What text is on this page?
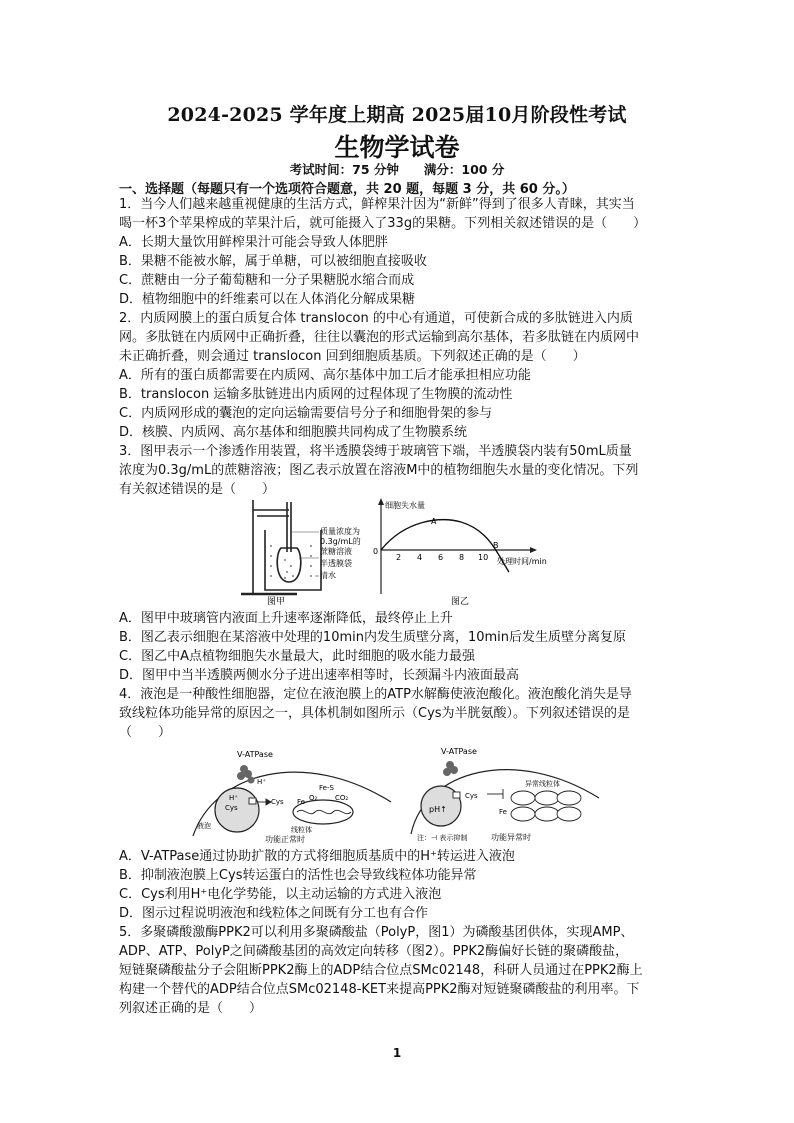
2024-2025 学年度上期高 2025届10月阶段性考试
生物学试卷
考试时间：75 分钟　　满分：100 分
一、选择题（每题只有一个选项符合题意，共 20 题，每题 3 分，共 60 分。）
1．当今人们越来越重视健康的生活方式，鲜榨果汁因为“新鲜”得到了很多人青睐，其实当
喝一杯3个苹果榨成的苹果汁后，就可能摄入了33g的果糖。下列相关叙述错误的是（　　）
A．长期大量饮用鲜榨果汁可能会导致人体肥胖
B．果糖不能被水解，属于单糖，可以被细胞直接吸收
C．蔗糖由一分子葡萄糖和一分子果糖脱水缩合而成
D．植物细胞中的纤维素可以在人体消化分解成果糖
2．内质网膜上的蛋白质复合体 translocon 的中心有通道，可使新合成的多肽链进入内质
网。多肽链在内质网中正确折叠，往往以囊泡的形式运输到高尔基体，若多肽链在内质网中
未正确折叠，则会通过 translocon 回到细胞质基质。下列叙述正确的是（　　）
A．所有的蛋白质都需要在内质网、高尔基体中加工后才能承担相应功能
B．translocon 运输多肽链进出内质网的过程体现了生物膜的流动性
C．内质网形成的囊泡的定向运输需要信号分子和细胞骨架的参与
D．核膜、内质网、高尔基体和细胞膜共同构成了生物膜系统
3．图甲表示一个渗透作用装置，将半透膜袋缚于玻璃管下端，半透膜袋内装有50mL质量
浓度为0.3g/mL的蔗糖溶液；图乙表示放置在溶液M中的植物细胞失水量的变化情况。下列
有关叙述错误的是（　　）
质量浓度为
0.3g/mL的
蔗糖溶液
半透膜袋
清水
图甲
细胞失水量
处理时间/min
A
B
0
2 4 6 8 10
图乙
A．图甲中玻璃管内液面上升速率逐渐降低，最终停止上升
B．图乙表示细胞在某溶液中处理的10min内发生质壁分离，10min后发生质壁分离复原
C．图乙中A点植物细胞失水量最大，此时细胞的吸水能力最强
D．图甲中当半透膜两侧水分子进出速率相等时，长颈漏斗内液面最高
4．液泡是一种酸性细胞器，定位在液泡膜上的ATP水解酶使液泡酸化。液泡酸化消失是导
致线粒体功能异常的原因之一，具体机制如图所示（Cys为半胱氨酸）。下列叙述错误的是
（　　）
V-ATPase
H⁺
H⁺
Cys
Cys Fe
Fe-S
O₂	CO₂
线粒体
液泡
功能正常时
V-ATPase
pH↑
Cys
Fe
异常线粒体
注：⊣ 表示抑制	功能异常时
A．V-ATPase通过协助扩散的方式将细胞质基质中的H⁺转运进入液泡
B．抑制液泡膜上Cys转运蛋白的活性也会导致线粒体功能异常
C．Cys利用H⁺电化学势能，以主动运输的方式进入液泡
D．图示过程说明液泡和线粒体之间既有分工也有合作
5．多聚磷酸激酶PPK2可以利用多聚磷酸盐（PolyP，图1）为磷酸基团供体，实现AMP、
ADP、ATP、PolyP之间磷酸基团的高效定向转移（图2）。PPK2酶偏好长链的聚磷酸盐，
短链聚磷酸盐分子会阻断PPK2酶上的ADP结合位点SMc02148，科研人员通过在PPK2酶上
构建一个替代的ADP结合位点SMc02148-KET来提高PPK2酶对短链聚磷酸盐的利用率。下
列叙述正确的是（　　）
1
